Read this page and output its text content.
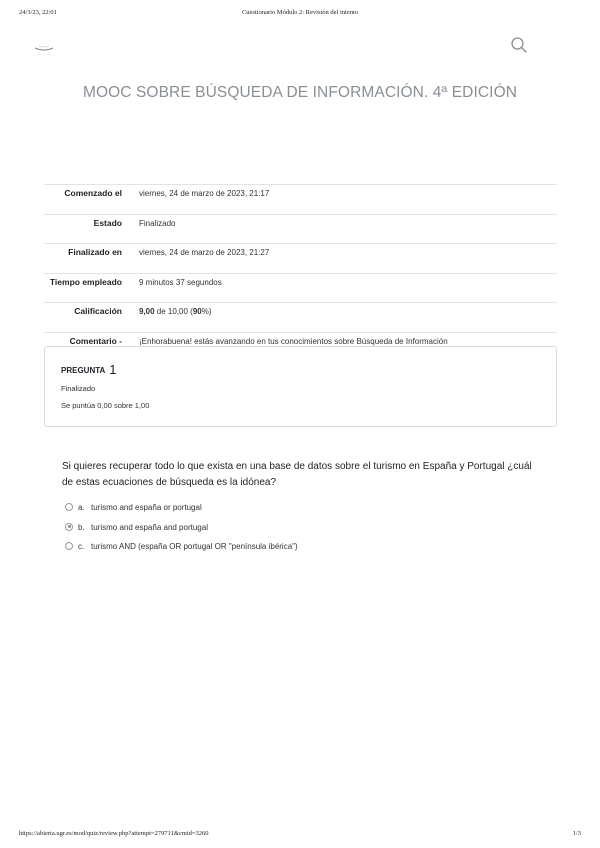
24/3/23, 22:01	Cuestionario Módulo 2: Revisión del intento
MOOC SOBRE BÚSQUEDA DE INFORMACIÓN. 4ª EDICIÓN
Comenzado el	viernes, 24 de marzo de 2023, 21:17
Estado	Finalizado
Finalizado en	viernes, 24 de marzo de 2023, 21:27
Tiempo empleado	9 minutos 37 segundos
Calificación	9,00 de 10,00 (90%)
Comentario -	¡Enhorabuena! estás avanzando en tus conocimientos sobre Búsqueda de Información
PREGUNTA 1
Finalizado
Se puntúa 0,00 sobre 1,00
Si quieres recuperar todo lo que exista en una base de datos sobre el turismo en España y Portugal ¿cuál de estas ecuaciones de búsqueda es la idónea?
a. turismo and españa or portugal
b. turismo and españa and portugal
c. turismo AND (españa OR portugal OR "península ibérica")
https://abierta.ugr.es/mod/quiz/review.php?attempt=279711&cmid=3260	1/3
